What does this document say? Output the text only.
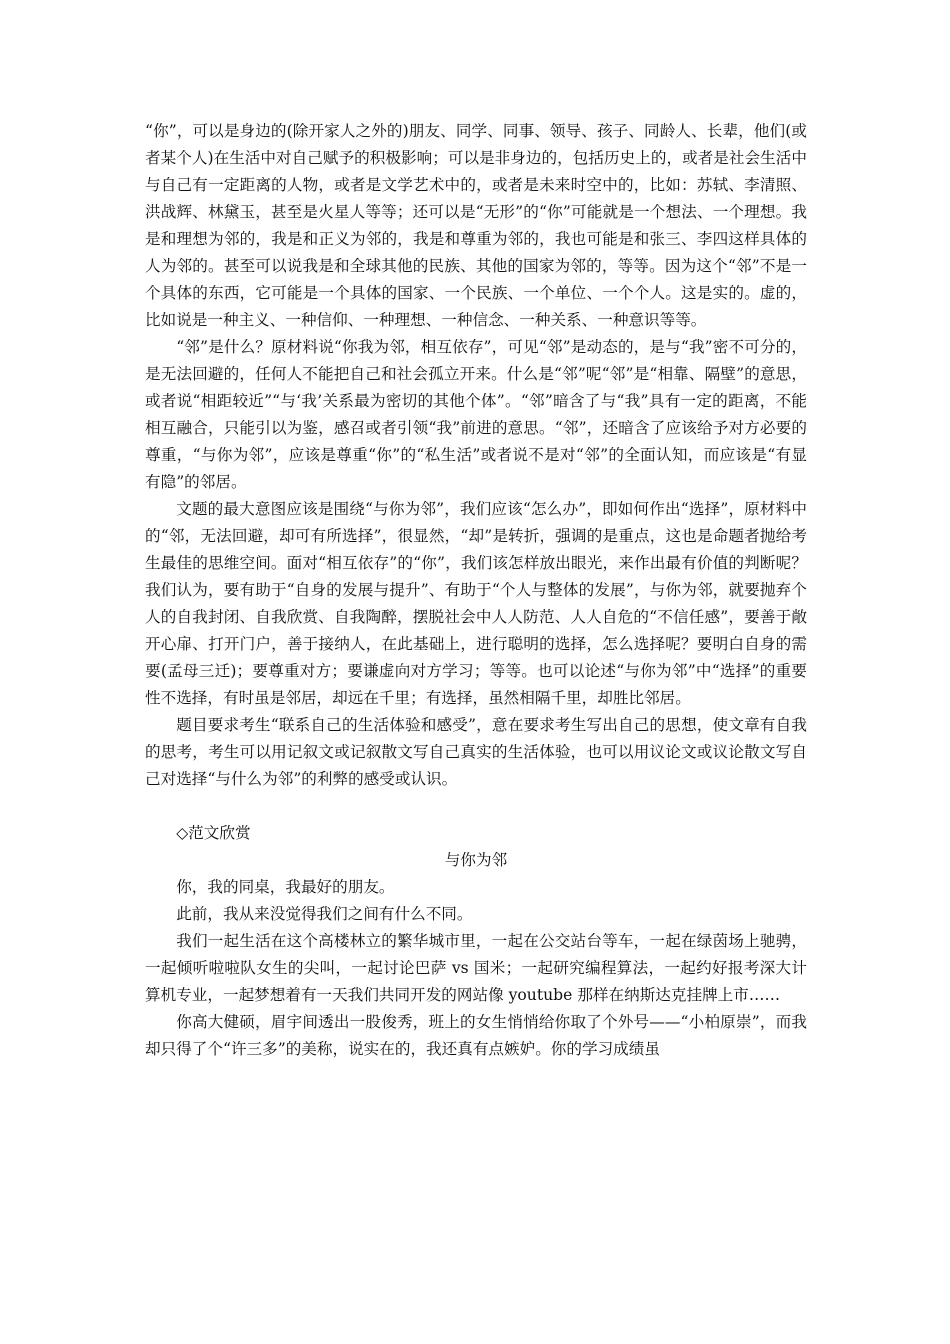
“你”，可以是身边的(除开家人之外的)朋友、同学、同事、领导、孩子、同龄人、长辈，他们(或者某个人)在生活中对自己赋予的积极影响；可以是非身边的，包括历史上的，或者是社会生活中与自己有一定距离的人物，或者是文学艺术中的，或者是未来时空中的，比如：苏轼、李清照、洪战辉、林黛玉，甚至是火星人等等；还可以是“无形”的“你”可能就是一个想法、一个理想。我是和理想为邻的，我是和正义为邻的，我是和尊重为邻的，我也可能是和张三、李四这样具体的人为邻的。甚至可以说我是和全球其他的民族、其他的国家为邻的，等等。因为这个“邻”不是一个具体的东西，它可能是一个具体的国家、一个民族、一个单位、一个个人。这是实的。虚的，比如说是一种主义、一种信仰、一种理想、一种信念、一种关系、一种意识等等。

“邻”是什么？原材料说“你我为邻，相互依存”，可见“邻”是动态的，是与“我”密不可分的，是无法回避的，任何人不能把自己和社会孤立开来。什么是“邻”呢“邻”是“相靠、隔壁”的意思，或者说“相距较近”“与‘我’关系最为密切的其他个体”。“邻”暗含了与“我”具有一定的距离，不能相互融合，只能引以为鉴，感召或者引领“我”前进的意思。“邻”，还暗含了应该给予对方必要的尊重，“与你为邻”，应该是尊重“你”的“私生活”或者说不是对“邻”的全面认知，而应该是“有显有隐”的邻居。

文题的最大意图应该是围绕“与你为邻”，我们应该“怎么办”，即如何作出“选择”，原材料中的“邻，无法回避，却可有所选择”，很显然，“却”是转折，强调的是重点，这也是命题者抛给考生最佳的思维空间。面对“相互依存”的“你”，我们该怎样放出眼光，来作出最有价值的判断呢？我们认为，要有助于“自身的发展与提升”、有助于“个人与整体的发展”，与你为邻，就要抛弃个人的自我封闭、自我欣赏、自我陶醉，摆脱社会中人人防范、人人自危的“不信任感”，要善于敞开心扉、打开门户，善于接纳人，在此基础上，进行聪明的选择，怎么选择呢？要明白自身的需要(孟母三迁)；要尊重对方；要谦虚向对方学习；等等。也可以论述“与你为邻”中“选择”的重要性不选择，有时虽是邻居，却远在千里；有选择，虽然相隔千里，却胜比邻居。

题目要求考生“联系自己的生活体验和感受”，意在要求考生写出自己的思想，使文章有自我的思考，考生可以用记叙文或记叙散文写自己真实的生活体验，也可以用议论文或议论散文写自己对选择“与什么为邻”的利弊的感受或认识。

◇范文欣赏

与你为邻

你，我的同桌，我最好的朋友。

此前，我从来没觉得我们之间有什么不同。

我们一起生活在这个高楼林立的繁华城市里，一起在公交站台等车，一起在绿茵场上驰骋，一起倾听啦啦队女生的尖叫，一起讨论巴萨 vs 国米；一起研究编程算法，一起约好报考深大计算机专业，一起梦想着有一天我们共同开发的网站像 youtube 那样在纳斯达克挂牌上市……

你高大健硕，眉宇间透出一股俊秀，班上的女生悄悄给你取了个外号——“小柏原崇”，而我却只得了个“许三多”的美称，说实在的，我还真有点嫉妒。你的学习成绩虽
